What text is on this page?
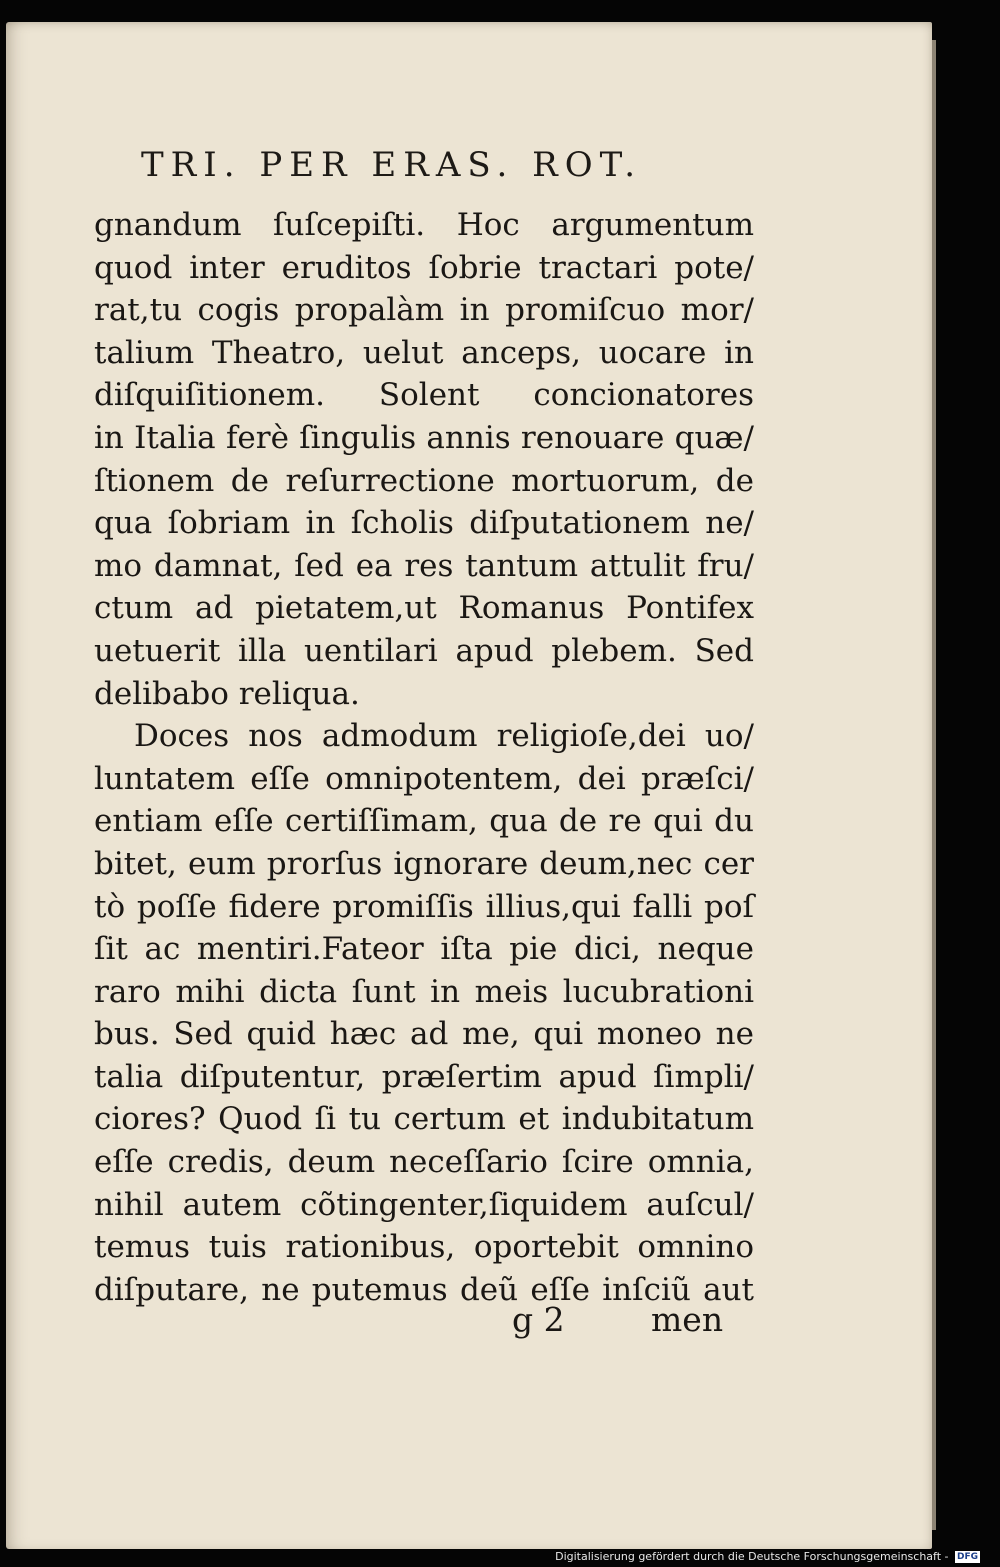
TRI. PER ERAS. ROT.
gnandum ſuſcepiſti. Hoc argumentum
quod inter eruditos ſobrie tractari pote/
rat,tu cogis propalàm in promiſcuo mor/
talium Theatro, uelut anceps, uocare in
diſquiſitionem. Solent concionatores
in Italia ferè ſingulis annis renouare quæ/
ſtionem de reſurrectione mortuorum, de
qua ſobriam in ſcholis diſputationem ne/
mo damnat, ſed ea res tantum attulit fru/
ctum ad pietatem,ut Romanus Pontifex
uetuerit illa uentilari apud plebem. Sed
delibabo reliqua.
Doces nos admodum religioſe,dei uo/
luntatem eſſe omnipotentem, dei præſci/
entiam eſſe certiſſimam, qua de re qui du
bitet, eum prorſus ignorare deum,nec cer
tò poſſe fidere promiſſis illius,qui falli poſ
ſit ac mentiri.Fateor iſta pie dici, neque
raro mihi dicta ſunt in meis lucubrationi
bus. Sed quid hæc ad me, qui moneo ne
talia diſputentur, præſertim apud ſimpli/
ciores? Quod ſi tu certum et indubitatum
eſſe credis, deum neceſſario ſcire omnia,
nihil autem cõtingenter,ſiquidem auſcul/
temus tuis rationibus, oportebit omnino
diſputare, ne putemus deũ eſſe inſciũ aut
g 2	men
Digitalisierung gefördert durch die Deutsche Forschungsgemeinschaft - DFG
